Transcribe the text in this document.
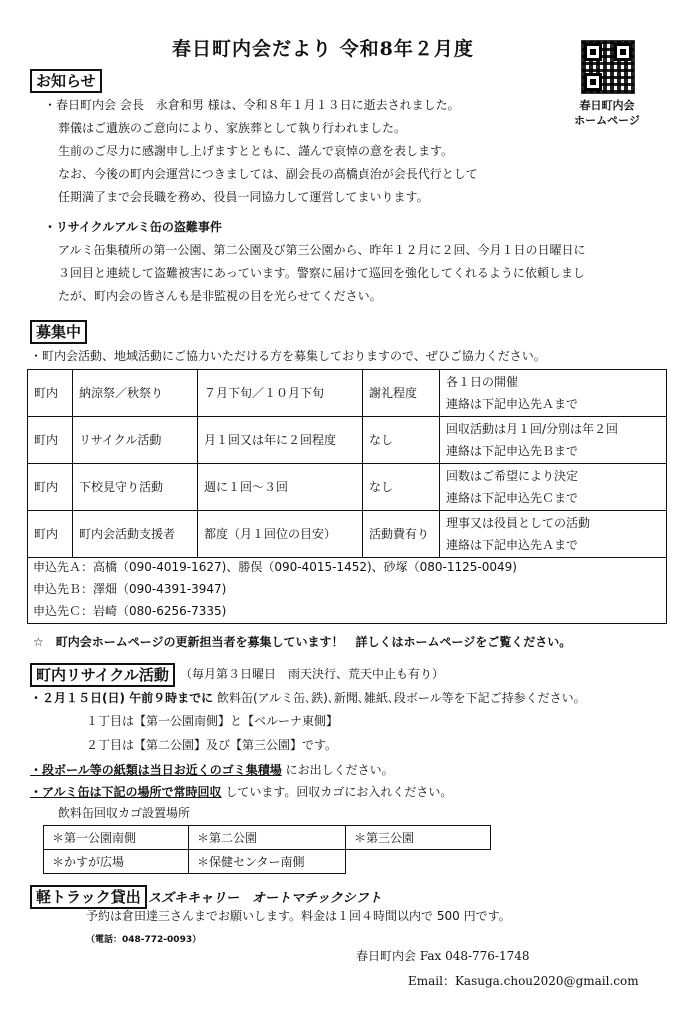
春日町内会だより 令和8年２月度
春日町内会
ホームページ
お知らせ
・春日町内会 会長　永倉和男 様は、令和８年１月１３日に逝去されました。
葬儀はご遺族のご意向により、家族葬として執り行われました。
生前のご尽力に感謝申し上げますとともに、謹んで哀悼の意を表します。
なお、今後の町内会運営につきましては、副会長の高橋貞治が会長代行として
任期満了まで会長職を務め、役員一同協力して運営してまいります。
・リサイクルアルミ缶の盗難事件
アルミ缶集積所の第一公園、第二公園及び第三公園から、昨年１２月に２回、今月１日の日曜日に
３回目と連続して盗難被害にあっています。警察に届けて巡回を強化してくれるように依頼しまし
たが、町内会の皆さんも是非監視の目を光らせてください。
募集中
・町内会活動、地域活動にご協力いただける方を募集しておりますので、ぜひご協力ください。
町内	納涼祭／秋祭り	７月下旬／１０月下旬	謝礼程度	各１日の開催
連絡は下記申込先Ａまで

町内	リサイクル活動	月１回又は年に２回程度	なし	回収活動は月１回/分別は年２回
連絡は下記申込先Ｂまで

町内	下校見守り活動	週に１回〜３回	なし	回数はご希望により決定
連絡は下記申込先Ｃまで

町内	町内会活動支援者	都度（月１回位の目安）	活動費有り	理事又は役員としての活動
連絡は下記申込先Ａまで
申込先Ａ：高橋（090-4019-1627)、勝俣（090-4015-1452)、砂塚（080-1125-0049)
申込先Ｂ：澤畑（090-4391-3947)
申込先Ｃ：岩崎（080-6256-7335)
☆　町内会ホームページの更新担当者を募集しています！　詳しくはホームページをご覧ください。
町内リサイクル活動 （毎月第３日曜日　雨天決行、荒天中止も有り）
・２月１５日(日) 午前９時までに 飲料缶(アルミ缶､鉄)､新聞､雑紙､段ボール等を下記ご持参ください。
１丁目は【第一公園南側】と【ベルーナ東側】
２丁目は【第二公園】及び【第三公園】です。
・段ボール等の紙類は当日お近くのゴミ集積場 にお出しください。
・アルミ缶は下記の場所で常時回収 しています。回収カゴにお入れください。
飲料缶回収カゴ設置場所
＊第一公園南側	＊第二公園	＊第三公園
＊かすが広場	＊保健センター南側	
軽トラック貸出 スズキキャリー　オートマチックシフト
予約は倉田達三さんまでお願いします。料金は１回４時間以内で 500 円です。
（電話：048-772-0093）
春日町内会 Fax 048-776-1748
Email：Kasuga.chou2020@gmail.com
